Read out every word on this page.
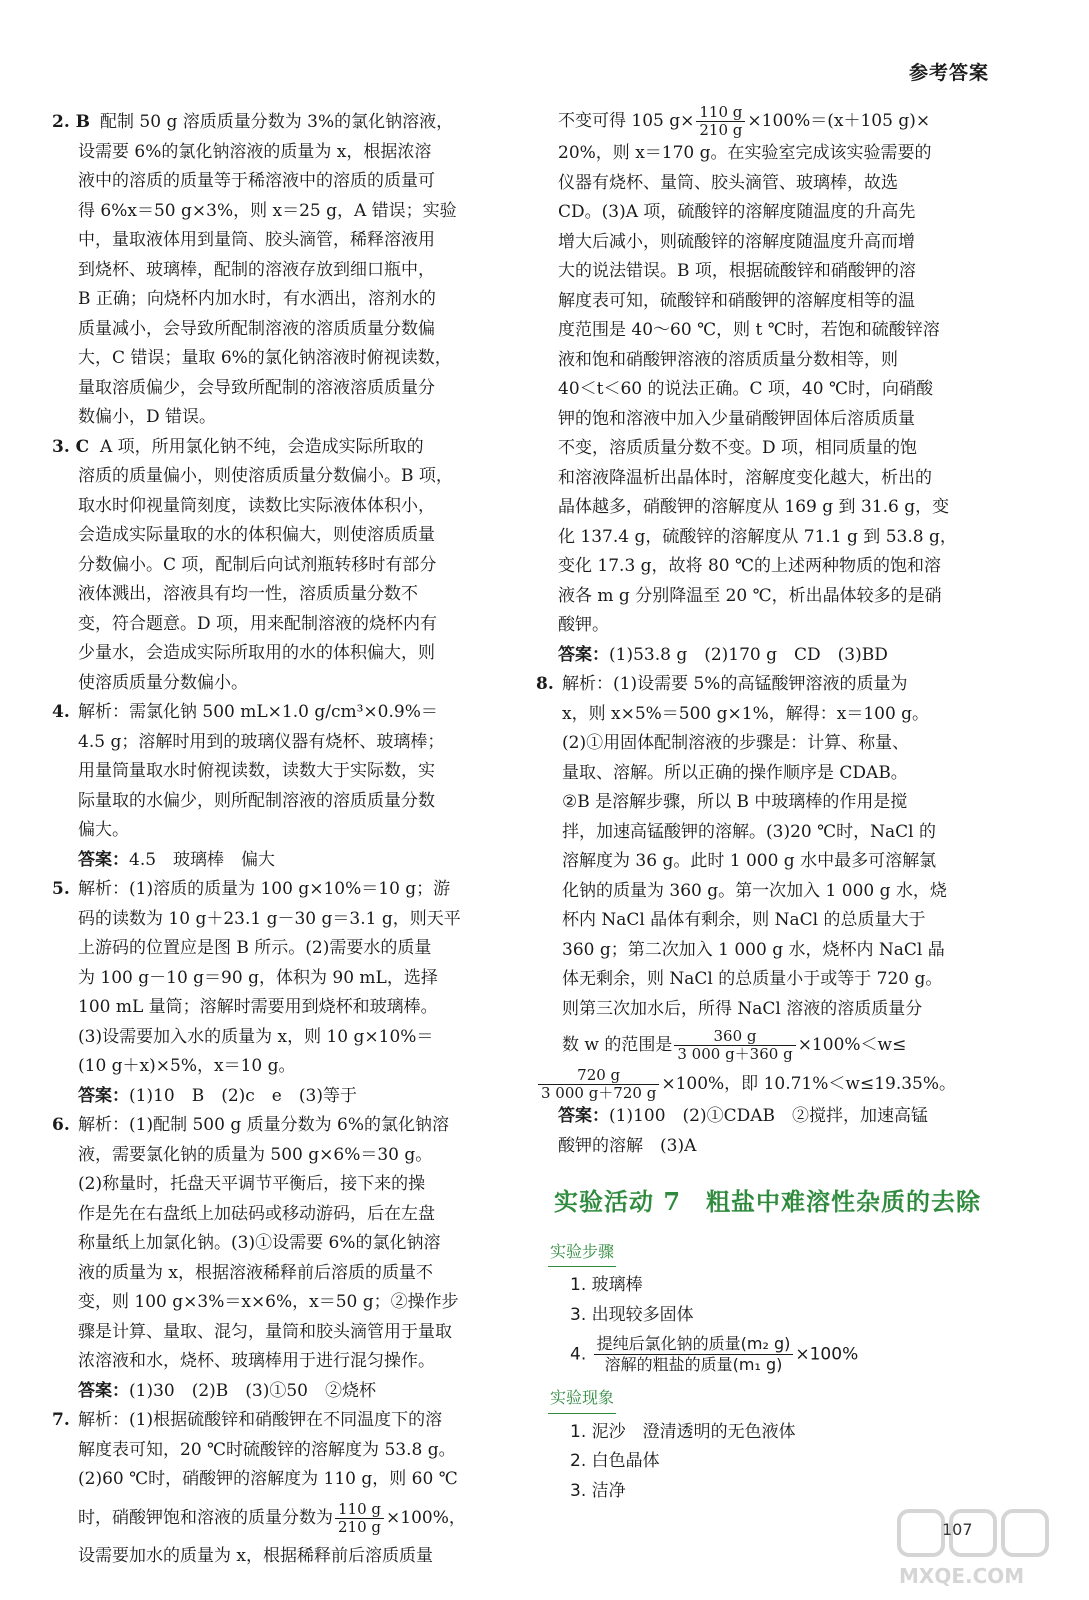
参考答案
2. B 配制 50 g 溶质质量分数为 3%的氯化钠溶液，

设需要 6%的氯化钠溶液的质量为 x，根据浓溶

液中的溶质的质量等于稀溶液中的溶质的质量可

得 6%x＝50 g×3%，则 x＝25 g，A 错误；实验

中，量取液体用到量筒、胶头滴管，稀释溶液用

到烧杯、玻璃棒，配制的溶液存放到细口瓶中，

B 正确；向烧杯内加水时，有水洒出，溶剂水的

质量减小，会导致所配制溶液的溶质质量分数偏

大，C 错误；量取 6%的氯化钠溶液时俯视读数，

量取溶质偏少，会导致所配制的溶液溶质质量分

数偏小，D 错误。

3. C A 项，所用氯化钠不纯，会造成实际所取的

溶质的质量偏小，则使溶质质量分数偏小。B 项，

取水时仰视量筒刻度，读数比实际液体体积小，

会造成实际量取的水的体积偏大，则使溶质质量

分数偏小。C 项，配制后向试剂瓶转移时有部分

液体溅出，溶液具有均一性，溶质质量分数不

变，符合题意。D 项，用来配制溶液的烧杯内有

少量水，会造成实际所取用的水的体积偏大，则

使溶质质量分数偏小。

4. 解析：需氯化钠 500 mL×1.0 g/cm³×0.9%＝

4.5 g；溶解时用到的玻璃仪器有烧杯、玻璃棒；

用量筒量取水时俯视读数，读数大于实际数，实

际量取的水偏少，则所配制溶液的溶质质量分数

偏大。

答案：4.5　玻璃棒　偏大

5. 解析：(1)溶质的质量为 100 g×10%＝10 g；游

码的读数为 10 g＋23.1 g－30 g＝3.1 g，则天平

上游码的位置应是图 B 所示。(2)需要水的质量

为 100 g－10 g＝90 g，体积为 90 mL，选择

100 mL 量筒；溶解时需要用到烧杯和玻璃棒。

(3)设需要加入水的质量为 x，则 10 g×10%＝

(10 g＋x)×5%，x＝10 g。

答案：(1)10　B　(2)c　e　(3)等于

6. 解析：(1)配制 500 g 质量分数为 6%的氯化钠溶

液，需要氯化钠的质量为 500 g×6%＝30 g。

(2)称量时，托盘天平调节平衡后，接下来的操

作是先在右盘纸上加砝码或移动游码，后在左盘

称量纸上加氯化钠。(3)①设需要 6%的氯化钠溶

液的质量为 x，根据溶液稀释前后溶质的质量不

变，则 100 g×3%＝x×6%，x＝50 g；②操作步

骤是计算、量取、混匀，量筒和胶头滴管用于量取

浓溶液和水，烧杯、玻璃棒用于进行混匀操作。

答案：(1)30　(2)B　(3)①50　②烧杯

7. 解析：(1)根据硫酸锌和硝酸钾在不同温度下的溶

解度表可知，20 ℃时硫酸锌的溶解度为 53.8 g。

(2)60 ℃时，硝酸钾的溶解度为 110 g，则 60 ℃

时，硝酸钾饱和溶液的质量分数为 $\frac{110 g}{210 g} \times 100\%$，

设需要加水的质量为 x，根据稀释前后溶质质量

不变可得 105 $g\times \frac{110 g}{210 g} \times 100\%=(x+105$ g)×

20%，则 x＝170 g。在实验室完成该实验需要的

仪器有烧杯、量筒、胶头滴管、玻璃棒，故选

CD。(3)A 项，硫酸锌的溶解度随温度的升高先

增大后减小，则硫酸锌的溶解度随温度升高而增

大的说法错误。B 项，根据硫酸锌和硝酸钾的溶

解度表可知，硫酸锌和硝酸钾的溶解度相等的温

度范围是 40～60 ℃，则 t ℃时，若饱和硫酸锌溶

液和饱和硝酸钾溶液的溶质质量分数相等，则

40＜t＜60 的说法正确。C 项，40 ℃时，向硝酸

钾的饱和溶液中加入少量硝酸钾固体后溶质质量

不变，溶质质量分数不变。D 项，相同质量的饱

和溶液降温析出晶体时，溶解度变化越大，析出的

晶体越多，硝酸钾的溶解度从 169 g 到 31.6 g，变

化 137.4 g，硫酸锌的溶解度从 71.1 g 到 53.8 g，

变化 17.3 g，故将 80 ℃的上述两种物质的饱和溶

液各 m g 分别降温至 20 ℃，析出晶体较多的是硝

酸钾。

答案：(1)53.8 g　(2)170 g　CD　(3)BD

8. 解析：(1)设需要 5%的高锰酸钾溶液的质量为

x，则 x×5%＝500 g×1%，解得：x＝100 g。

(2)①用固体配制溶液的步骤是：计算、称量、

量取、溶解。所以正确的操作顺序是 CDAB。

②B 是溶解步骤，所以 B 中玻璃棒的作用是搅

拌，加速高锰酸钾的溶解。(3)20 ℃时，NaCl 的

溶解度为 36 g。此时 1 000 g 水中最多可溶解氯

化钠的质量为 360 g。第一次加入 1 000 g 水，烧

杯内 NaCl 晶体有剩余，则 NaCl 的总质量大于

360 g；第二次加入 1 000 g 水，烧杯内 NaCl 晶

体无剩余，则 NaCl 的总质量小于或等于 720 g。

则第三次加水后，所得 NaCl 溶液的溶质质量分

数 w 的范围是 $\frac{360 g}{3 000 g+360 g} \times 100\%<w\le$

$\frac{720 g}{3 000 g+720 g} \times 100\%$，即 10.71%＜w≤19.35%。

答案：(1)100　(2)①CDAB　②搅拌，加速高锰

酸钾的溶解　(3)A

实验活动 7　粗盐中难溶性杂质的去除
实验步骤

1. 玻璃棒

3. 出现较多固体

4. $\frac{\text{提纯后氯化钠的质量(m₂ g)}}{\text{溶解的粗盐的质量(m₁ g)}} \times 100\%$

实验现象

1. 泥沙　澄清透明的无色液体

2. 白色晶体

3. 洁净

107
MXQE.COM
